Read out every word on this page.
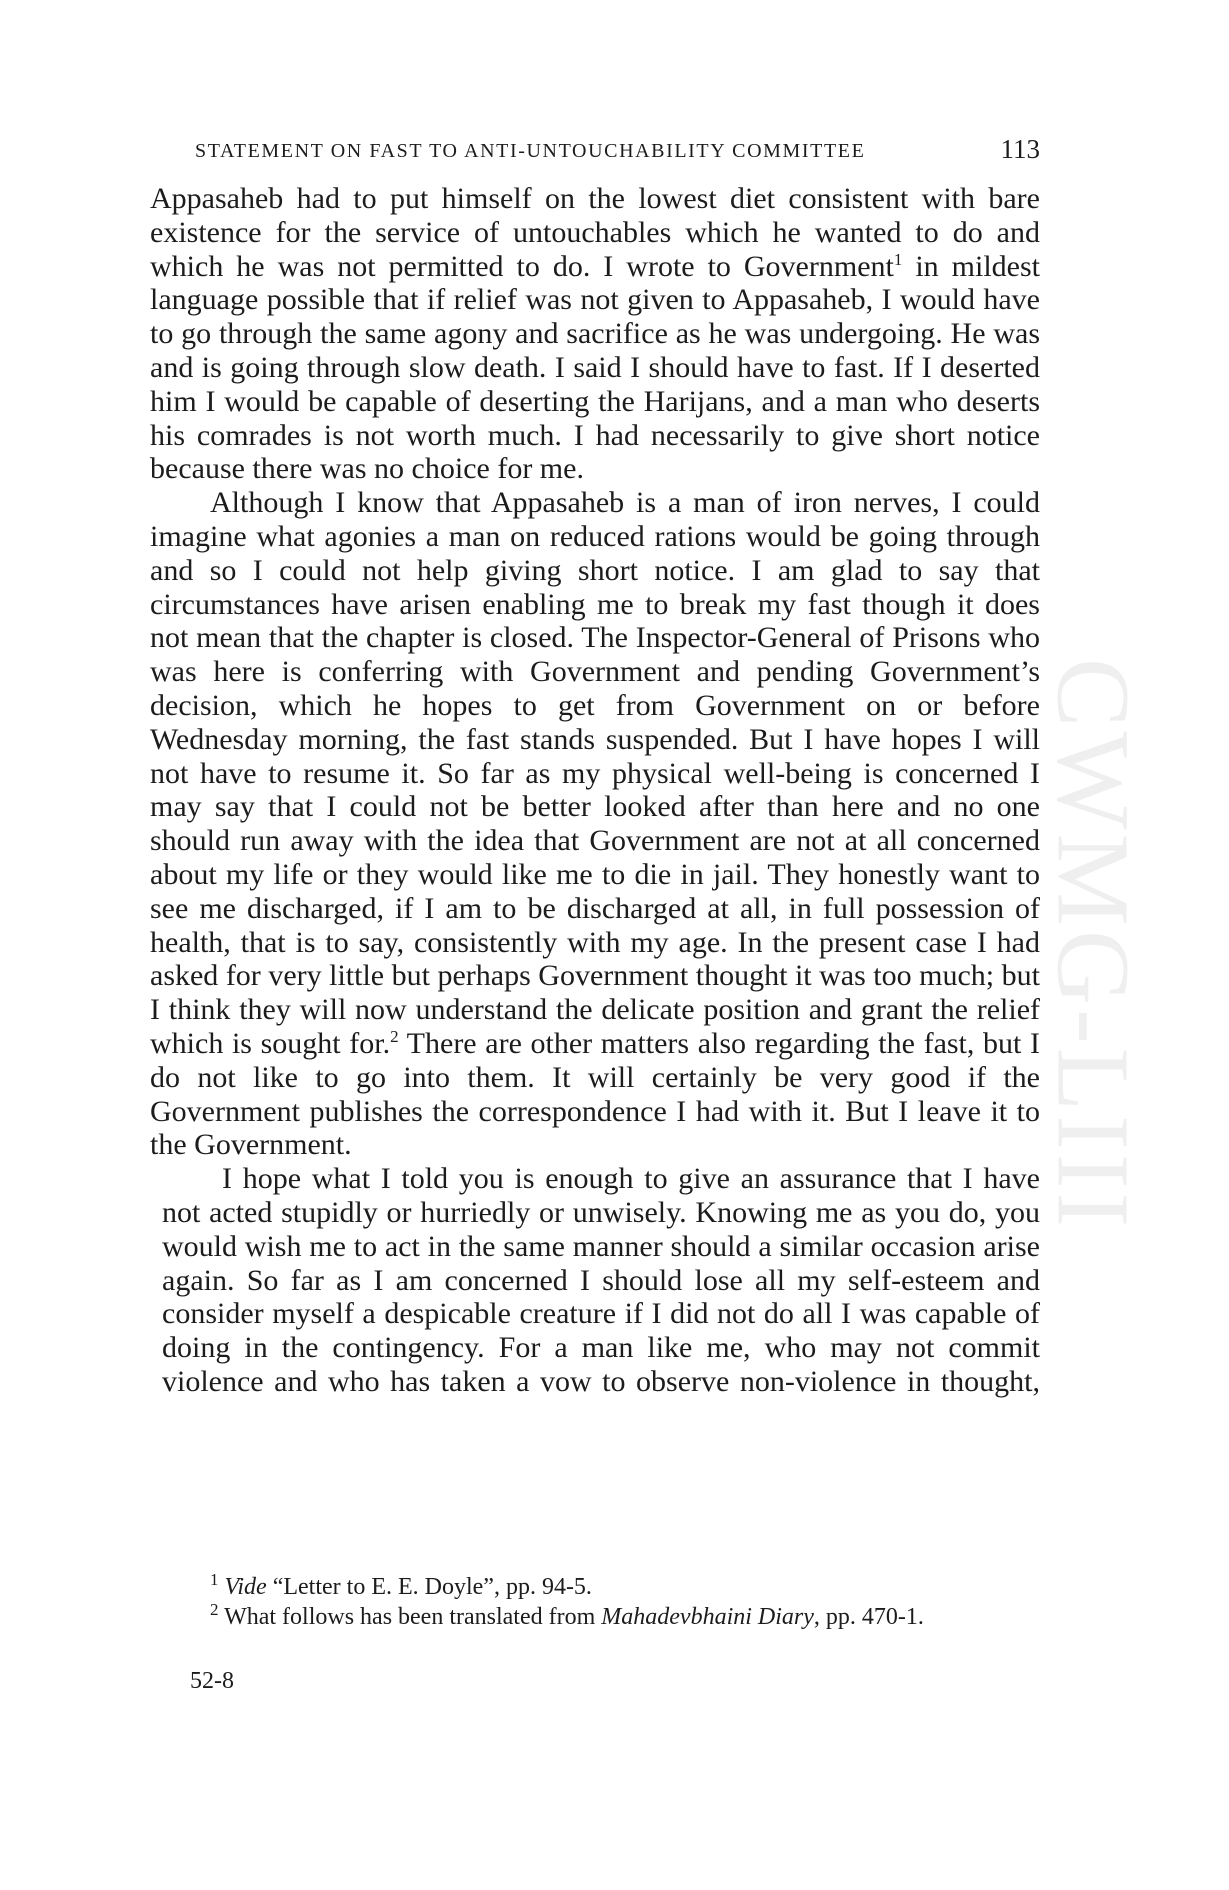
CWMG-LIII
STATEMENT ON FAST TO ANTI-UNTOUCHABILITY COMMITTEE	113

Appasaheb had to put himself on the lowest diet consistent with bare existence for the service of untouchables which he wanted to do and which he was not permitted to do. I wrote to Government$^1$ in mildest language possible that if relief was not given to Appasaheb, I would have to go through the same agony and sacrifice as he was undergoing. He was and is going through slow death. I said I should have to fast. If I deserted him I would be capable of deserting the Harijans, and a man who deserts his comrades is not worth much. I had necessarily to give short notice because there was no choice for me.

Although I know that Appasaheb is a man of iron nerves, I could imagine what agonies a man on reduced rations would be going through and so I could not help giving short notice. I am glad to say that circumstances have arisen enabling me to break my fast though it does not mean that the chapter is closed. The Inspector-General of Prisons who was here is conferring with Government and pending Government’s decision, which he hopes to get from Government on or before Wednesday morning, the fast stands suspended. But I have hopes I will not have to resume it. So far as my physical well-being is concerned I may say that I could not be better looked after than here and no one should run away with the idea that Government are not at all concerned about my life or they would like me to die in jail. They honestly want to see me discharged, if I am to be discharged at all, in full possession of health, that is to say, consistently with my age. In the present case I had asked for very little but perhaps Government thought it was too much; but I think they will now understand the delicate position and grant the relief which is sought for.$^2$ There are other matters also regarding the fast, but I do not like to go into them. It will certainly be very good if the Government publishes the correspondence I had with it. But I leave it to the Government.

I hope what I told you is enough to give an assurance that I have not acted stupidly or hurriedly or unwisely. Knowing me as you do, you would wish me to act in the same manner should a similar occasion arise again. So far as I am concerned I should lose all my self-esteem and consider myself a despicable creature if I did not do all I was capable of doing in the contingency. For a man like me, who may not commit violence and who has taken a vow to observe non-violence in thought,

$^1$ Vide “Letter to E. E. Doyle”, pp. 94-5.

$^2$ What follows has been translated from Mahadevbhaini Diary, pp. 470-1.

52-8
